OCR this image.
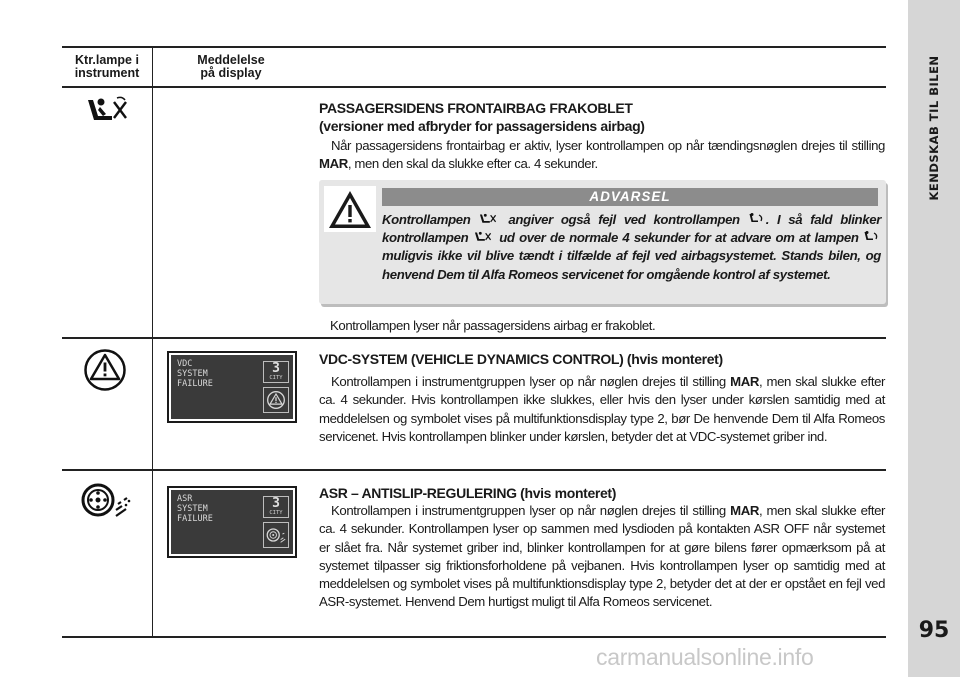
KENDSKAB TIL BILEN
95
Ktr.lampe i
instrument
Meddelelse
på display
PASSAGERSIDENS FRONTAIRBAG FRAKOBLET
(versioner med afbryder for passagersidens airbag)
Når passagersidens frontairbag er aktiv, lyser kontrollampen op når tændingsnøglen drejes til stilling MAR, men den skal da slukke efter ca. 4 sekunder.
ADVARSEL
Kontrollampen  angiver også fejl ved kontrollampen . I så fald blinker kontrollampen  ud over de normale 4 sekunder for at advare om at lampen  muligvis ikke vil blive tændt i tilfælde af fejl ved airbagsystemet. Stands bilen, og henvend Dem til Alfa Romeos servicenet for omgående kontrol af systemet.
Kontrollampen lyser når passagersidens airbag er frakoblet.
VDC
SYSTEM
FAILURE
3
CITY
VDC-SYSTEM (VEHICLE DYNAMICS CONTROL) (hvis monteret)
Kontrollampen i instrumentgruppen lyser op når nøglen drejes til stilling MAR, men skal slukke efter ca. 4 sekunder. Hvis kontrollampen ikke slukkes, eller hvis den lyser under kørslen samtidig med at meddelelsen og symbolet vises på multifunktionsdisplay type 2, bør De henvende Dem til Alfa Romeos servicenet. Hvis kontrollampen blinker under kørslen, betyder det at VDC-systemet griber ind.
ASR
SYSTEM
FAILURE
3
CITY
ASR – ANTISLIP-REGULERING (hvis monteret)
Kontrollampen i instrumentgruppen lyser op når nøglen drejes til stilling MAR, men skal slukke efter ca. 4 sekunder. Kontrollampen lyser op sammen med lysdioden på kontakten ASR OFF når systemet er slået fra. Når systemet griber ind, blinker kontrollampen for at gøre bilens fører opmærksom på at systemet tilpasser sig friktionsforholdene på vejbanen. Hvis kontrollampen lyser op samtidig med at meddelelsen og symbolet vises på multifunktionsdisplay type 2, betyder det at der er opstået en fejl ved ASR-systemet. Henvend Dem hurtigst muligt til Alfa Romeos servicenet.
carmanualsonline.info
